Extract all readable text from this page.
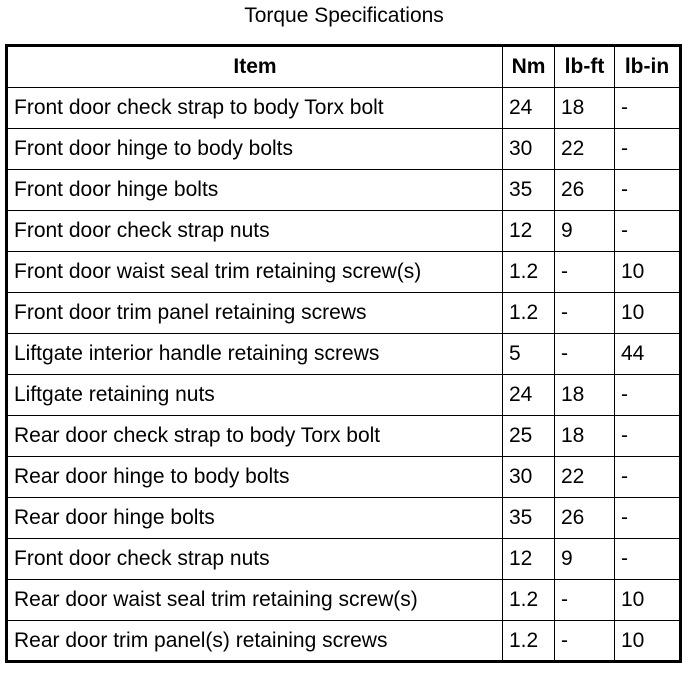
Torque Specifications
Item	Nm	lb-ft	lb-in
Front door check strap to body Torx bolt	24	18	-
Front door hinge to body bolts	30	22	-
Front door hinge bolts	35	26	-
Front door check strap nuts	12	9	-
Front door waist seal trim retaining screw(s)	1.2	-	10
Front door trim panel retaining screws	1.2	-	10
Liftgate interior handle retaining screws	5	-	44
Liftgate retaining nuts	24	18	-
Rear door check strap to body Torx bolt	25	18	-
Rear door hinge to body bolts	30	22	-
Rear door hinge bolts	35	26	-
Front door check strap nuts	12	9	-
Rear door waist seal trim retaining screw(s)	1.2	-	10
Rear door trim panel(s) retaining screws	1.2	-	10
